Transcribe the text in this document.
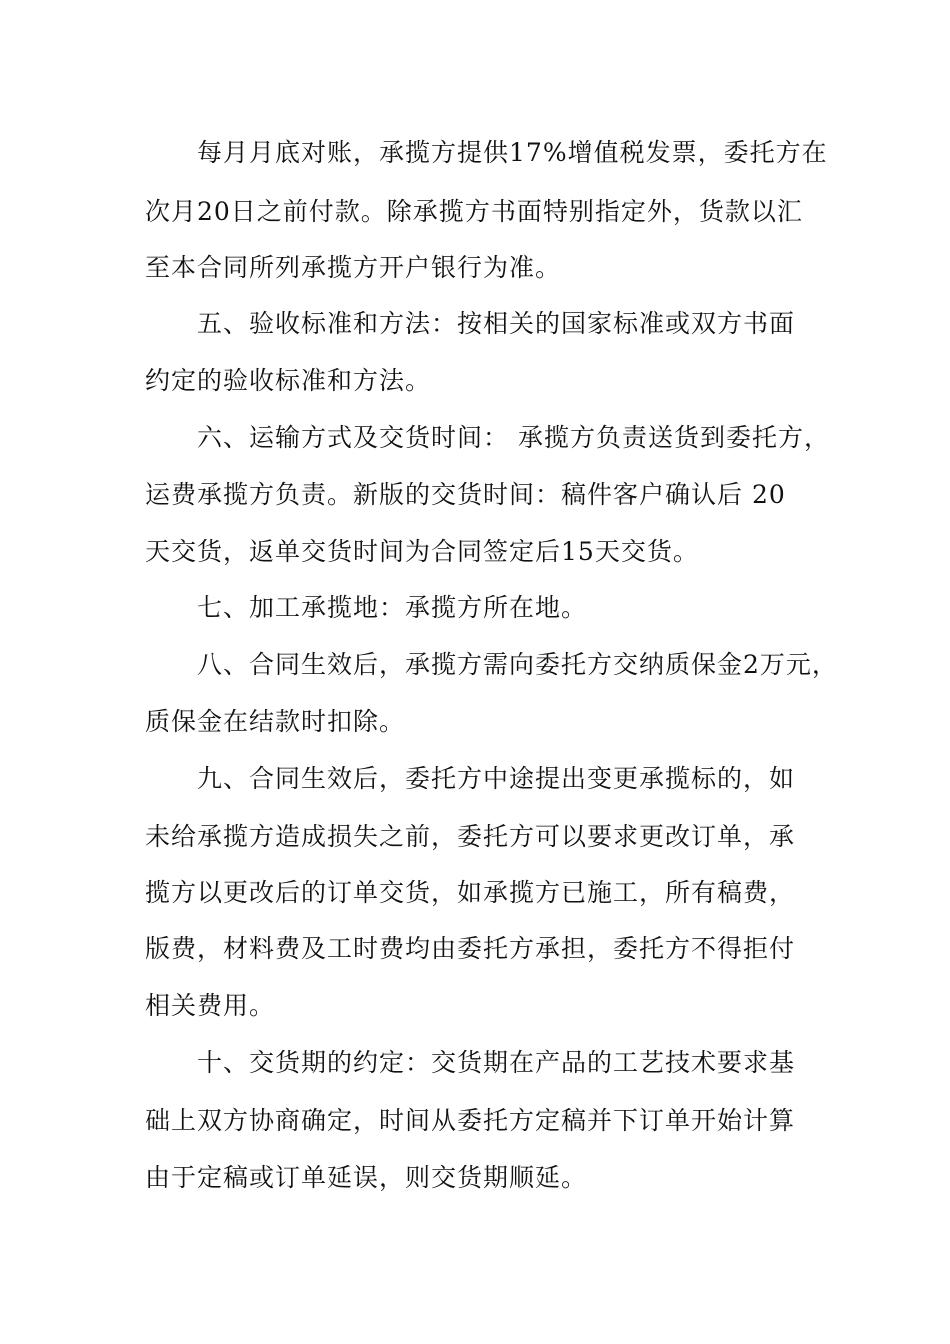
每月月底对账，承揽方提供17%增值税发票，委托方在
次月20日之前付款。除承揽方书面特别指定外，货款以汇
至本合同所列承揽方开户银行为准。
五、验收标准和方法：按相关的国家标准或双方书面
约定的验收标准和方法。
六、运输方式及交货时间： 承揽方负责送货到委托方，
运费承揽方负责。新版的交货时间：稿件客户确认后 20
天交货，返单交货时间为合同签定后15天交货。
七、加工承揽地：承揽方所在地。
八、合同生效后，承揽方需向委托方交纳质保金2万元，
质保金在结款时扣除。
九、合同生效后，委托方中途提出变更承揽标的，如
未给承揽方造成损失之前，委托方可以要求更改订单，承
揽方以更改后的订单交货，如承揽方已施工，所有稿费，
版费，材料费及工时费均由委托方承担，委托方不得拒付
相关费用。
十、交货期的约定：交货期在产品的工艺技术要求基
础上双方协商确定，时间从委托方定稿并下订单开始计算
由于定稿或订单延误，则交货期顺延。
